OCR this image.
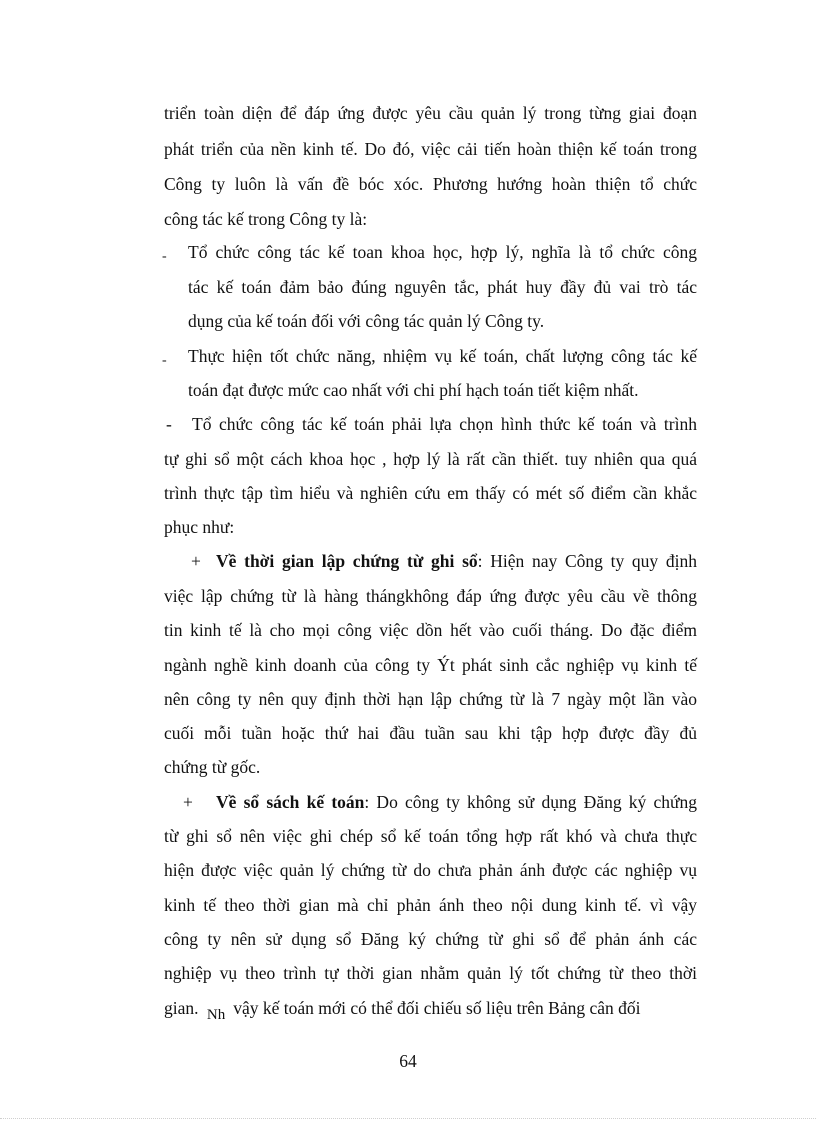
triển toàn diện để đáp ứng được yêu cầu quản lý trong từng giai đoạn
phát triển của nền kinh tế. Do đó, việc cải tiến hoàn thiện kế toán trong
Công ty luôn là vấn đề bóc xóc. Phương hướng hoàn thiện tổ chức
công tác kế trong Công ty là:
- Tổ chức công tác kế toan khoa học, hợp lý, nghĩa là tổ chức công
tác kế toán đảm bảo đúng nguyên tắc, phát huy đầy đủ vai trò tác
dụng của kế toán đối với công tác quản lý Công ty.
- Thực hiện tốt chức năng, nhiệm vụ kế toán, chất lượng công tác kế
toán đạt được mức cao nhất với chi phí hạch toán tiết kiệm nhất.
- Tổ chức công tác kế toán phải lựa chọn hình thức kế toán và trình
tự ghi sổ một cách khoa học , hợp lý là rất cần thiết. tuy nhiên qua quá
trình thực tập tìm hiểu và nghiên cứu em thấy có mét số điểm cần khắc
phục như:
+ Về thời gian lập chứng từ ghi sổ: Hiện nay Công ty quy định
việc lập chứng từ là hàng thángkhông đáp ứng được yêu cầu về thông
tin kinh tế là cho mọi công việc dồn hết vào cuối tháng. Do đặc điểm
ngành nghề kinh doanh của công ty Ýt phát sinh cắc nghiệp vụ kinh tế
nên công ty nên quy định thời hạn lập chứng từ là 7 ngày một lần vào
cuối mỗi tuần hoặc thứ hai đầu tuần sau khi tập hợp được đầy đủ
chứng từ gốc.
+ Về sổ sách kế toán: Do công ty không sử dụng Đăng ký chứng
từ ghi sổ nên việc ghi chép sổ kế toán tổng hợp rất khó và chưa thực
hiện được việc quản lý chứng từ do chưa phản ánh được các nghiệp vụ
kinh tế theo thời gian mà chỉ phản ánh theo nội dung kinh tế. vì vậy
công ty nên sử dụng sổ Đăng ký chứng từ ghi sổ để phản ánh các
nghiệp vụ theo trình tự thời gian nhằm quản lý tốt chứng từ theo thời
gian. Nh vậy kế toán mới có thể đối chiếu số liệu trên Bảng cân đối
64
